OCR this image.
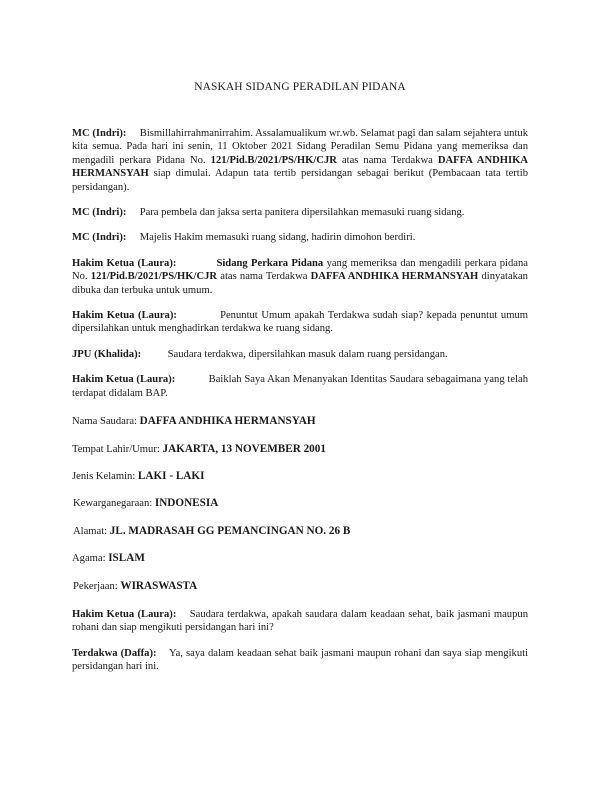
NASKAH SIDANG PERADILAN PIDANA

MC (Indri): Bismillahirrahmanirrahim. Assalamualikum wr.wb. Selamat pagi dan salam sejahtera untuk kita semua. Pada hari ini senin, 11 Oktober 2021 Sidang Peradilan Semu Pidana yang memeriksa dan mengadili perkara Pidana No. 121/Pid.B/2021/PS/HK/CJR atas nama Terdakwa DAFFA ANDHIKA HERMANSYAH siap dimulai. Adapun tata tertib persidangan sebagai berikut (Pembacaan tata tertib persidangan).

MC (Indri): Para pembela dan jaksa serta panitera dipersilahkan memasuki ruang sidang.

MC (Indri): Majelis Hakim memasuki ruang sidang, hadirin dimohon berdiri.

Hakim Ketua (Laura):	Sidang Perkara Pidana yang memeriksa dan mengadili perkara pidana No. 121/Pid.B/2021/PS/HK/CJR atas nama Terdakwa DAFFA ANDHIKA HERMANSYAH dinyatakan dibuka dan terbuka untuk umum.

Hakim Ketua (Laura):	Penuntut Umum apakah Terdakwa sudah siap? kepada penuntut umum dipersilahkan untuk menghadirkan terdakwa ke ruang sidang.

JPU (Khalida): Saudara terdakwa, dipersilahkan masuk dalam ruang persidangan.

Hakim Ketua (Laura):	Baiklah Saya Akan Menanyakan Identitas Saudara sebagaimana yang telah terdapat didalam BAP.

Nama Saudara: DAFFA ANDHIKA HERMANSYAH

Tempat Lahir/Umur: JAKARTA, 13 NOVEMBER 2001

Jenis Kelamin: LAKI - LAKI

Kewarganegaraan: INDONESIA

Alamat: JL. MADRASAH GG PEMANCINGAN NO. 26 B

Agama: ISLAM

Pekerjaan: WIRASWASTA

Hakim Ketua (Laura): Saudara terdakwa, apakah saudara dalam keadaan sehat, baik jasmani maupun rohani dan siap mengikuti persidangan hari ini?

Terdakwa (Daffa): Ya, saya dalam keadaan sehat baik jasmani maupun rohani dan saya siap mengikuti persidangan hari ini.
